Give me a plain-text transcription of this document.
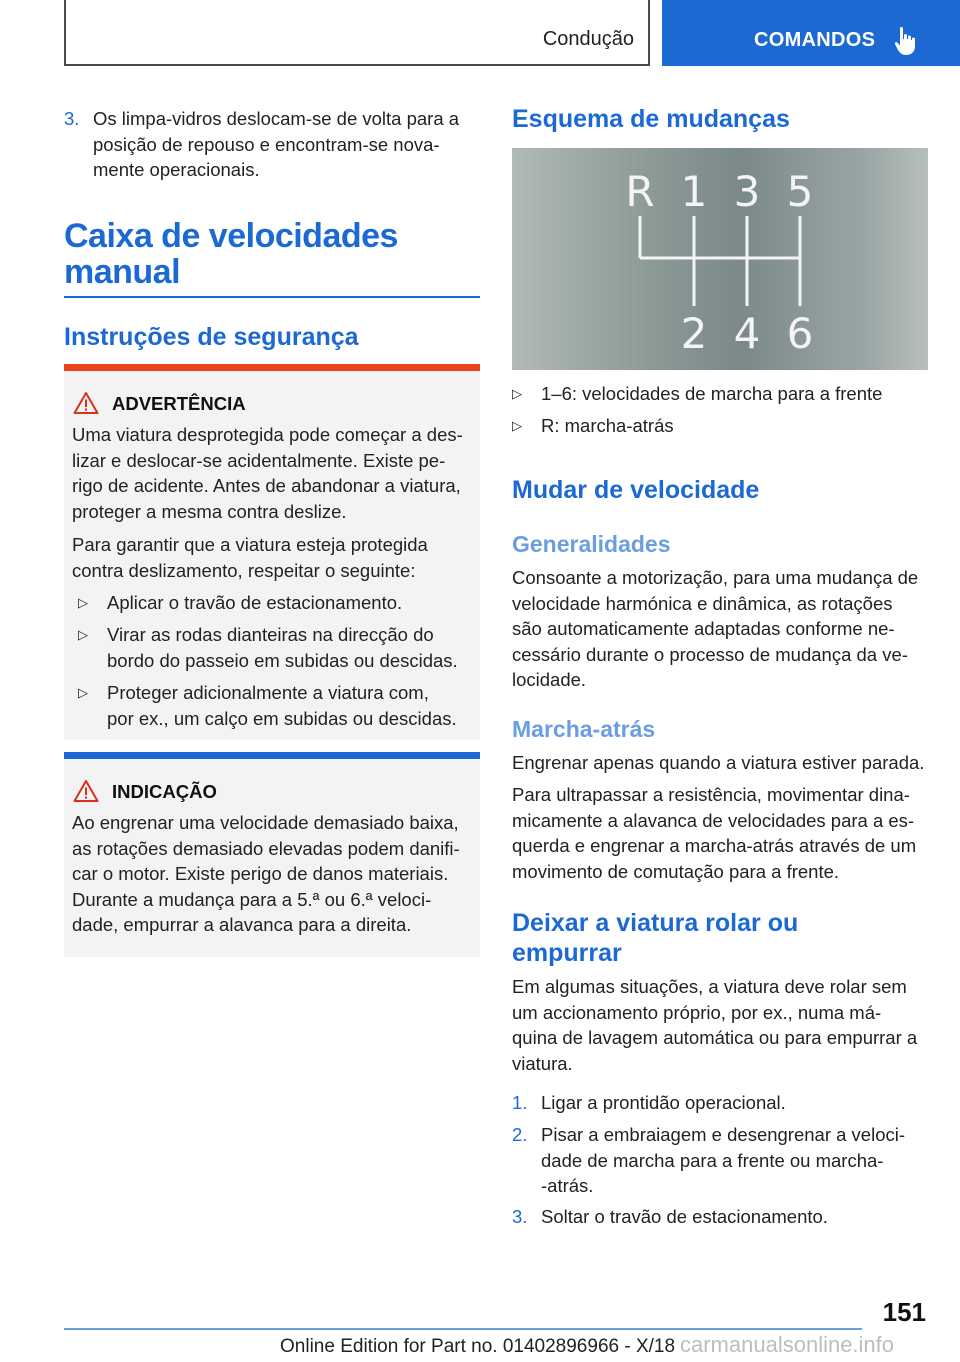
Condução	COMANDOS
3. Os limpa-vidros deslocam-se de volta para a
posição de repouso e encontram-se nova-
mente operacionais.
Caixa de velocidades
manual
Instruções de segurança
ADVERTÊNCIA
Uma viatura desprotegida pode começar a des-
lizar e deslocar-se acidentalmente. Existe pe-
rigo de acidente. Antes de abandonar a viatura,
proteger a mesma contra deslize.
Para garantir que a viatura esteja protegida
contra deslizamento, respeitar o seguinte:
▷ Aplicar o travão de estacionamento.
▷ Virar as rodas dianteiras na direcção do
bordo do passeio em subidas ou descidas.
▷ Proteger adicionalmente a viatura com,
por ex., um calço em subidas ou descidas.
INDICAÇÃO
Ao engrenar uma velocidade demasiado baixa,
as rotações demasiado elevadas podem danifi-
car o motor. Existe perigo de danos materiais.
Durante a mudança para a 5.ª ou 6.ª veloci-
dade, empurrar a alavanca para a direita.
Esquema de mudanças
R 1 3 5
2 4 6
▷ 1–6: velocidades de marcha para a frente
▷ R: marcha-atrás
Mudar de velocidade
Generalidades
Consoante a motorização, para uma mudança de
velocidade harmónica e dinâmica, as rotações
são automaticamente adaptadas conforme ne-
cessário durante o processo de mudança da ve-
locidade.
Marcha-atrás
Engrenar apenas quando a viatura estiver parada.
Para ultrapassar a resistência, movimentar dina-
micamente a alavanca de velocidades para a es-
querda e engrenar a marcha-atrás através de um
movimento de comutação para a frente.
Deixar a viatura rolar ou
empurrar
Em algumas situações, a viatura deve rolar sem
um accionamento próprio, por ex., numa má-
quina de lavagem automática ou para empurrar a
viatura.
1. Ligar a prontidão operacional.
2. Pisar a embraiagem e desengrenar a veloci-
dade de marcha para a frente ou marcha-
-atrás.
3. Soltar o travão de estacionamento.
151
Online Edition for Part no. 01402896966 - X/18 carmanualsonline.info
